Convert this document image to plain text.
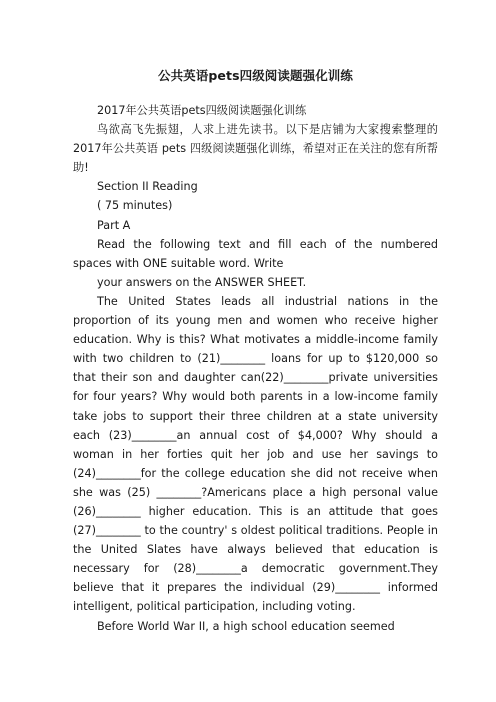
公共英语pets四级阅读题强化训练

2017年公共英语pets四级阅读题强化训练

鸟欲高飞先振翅，人求上进先读书。以下是店铺为大家搜索整理的2017年公共英语 pets 四级阅读题强化训练，希望对正在关注的您有所帮助!

Section II Reading

( 75 minutes)

Part A

Read the following text and fill each of the numbered spaces with ONE suitable word. Write

your answers on the ANSWER SHEET.

The United States leads all industrial nations in the proportion of its young men and women who receive higher education. Why is this? What motivates a middle-income family with two children to (21)________ loans for up to $120,000 so that their son and daughter can(22)________private universities for four years? Why would both parents in a low-income family take jobs to support their three children at a state university each (23)________an annual cost of $4,000? Why should a woman in her forties quit her job and use her savings to (24)________for the college education she did not receive when she was (25) ________?Americans place a high personal value (26)________ higher education. This is an attitude that goes (27)________ to the country' s oldest political traditions. People in the United Slates have always believed that education is necessary for (28)________a democratic government.They believe that it prepares the individual (29)________ informed intelligent, political participation, including voting.

Before World War II, a high school education seemed
